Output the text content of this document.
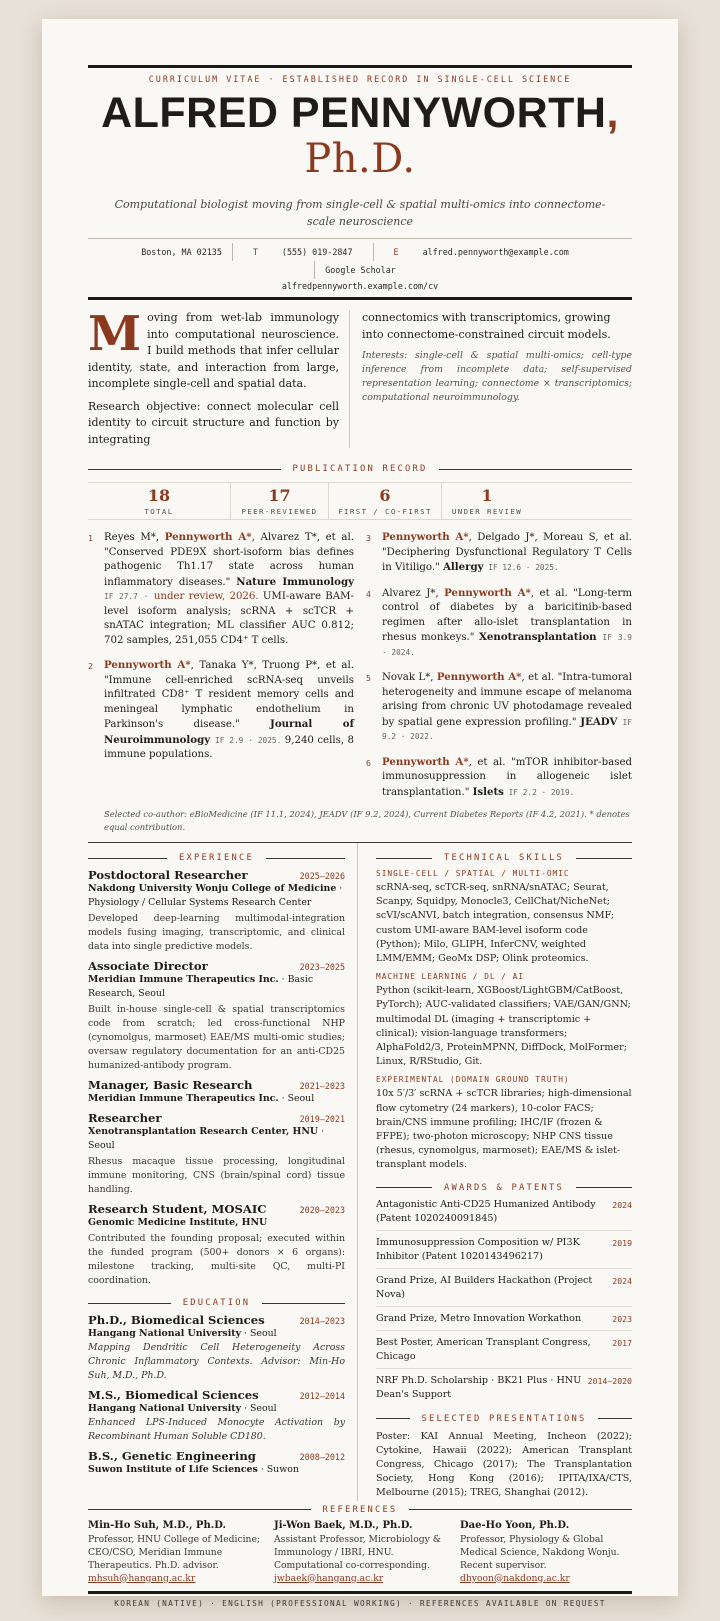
CURRICULUM VITAE · ESTABLISHED RECORD IN SINGLE-CELL SCIENCE
ALFRED PENNYWORTH,
Ph.D.

Computational biologist moving from single-cell & spatial multi-omics into connectome-scale neuroscience

Boston, MA 02135	T	(555) 019-2847	E	alfred.pennyworth@example.com
Google Scholar
alfredpennyworth.example.com/cv

Moving from wet-lab immunology into computational neuroscience. I build methods that infer cellular identity, state, and interaction from large, incomplete single-cell and spatial data.

Research objective: connect molecular cell identity to circuit structure and function by integrating

connectomics with transcriptomics, growing into connectome-constrained circuit models.

Interests: single-cell & spatial multi-omics; cell-type inference from incomplete data; self-supervised representation learning; connectome × transcriptomics; computational neuroimmunology.

PUBLICATION RECORD
18
TOTAL
17
PEER-REVIEWED
6
FIRST / CO-FIRST
1
UNDER REVIEW
1	Reyes M*, Pennyworth A*, Alvarez T*, et al. "Conserved PDE9X short-isoform bias defines pathogenic Th1.17 state across human inflammatory diseases." Nature Immunology IF 27.7 · under review, 2026. UMI-aware BAM-level isoform analysis; scRNA + scTCR + snATAC integration; ML classifier AUC 0.812; 702 samples, 251,055 CD4⁺ T cells.
2	Pennyworth A*, Tanaka Y*, Truong P*, et al. "Immune cell-enriched scRNA-seq unveils infiltrated CD8⁺ T resident memory cells and meningeal lymphatic endothelium in Parkinson's disease." Journal of Neuroimmunology IF 2.9 · 2025. 9,240 cells, 8 immune populations.
3	Pennyworth A*, Delgado J*, Moreau S, et al. "Deciphering Dysfunctional Regulatory T Cells in Vitiligo." Allergy IF 12.6 · 2025.
4	Alvarez J*, Pennyworth A*, et al. "Long-term control of diabetes by a baricitinib-based regimen after allo-islet transplantation in rhesus monkeys." Xenotransplantation IF 3.9 · 2024.
5	Novak L*, Pennyworth A*, et al. "Intra-tumoral heterogeneity and immune escape of melanoma arising from chronic UV photodamage revealed by spatial gene expression profiling." JEADV IF 9.2 · 2022.
6	Pennyworth A*, et al. "mTOR inhibitor-based immunosuppression in allogeneic islet transplantation." Islets IF 2.2 · 2019.

Selected co-author: eBioMedicine (IF 11.1, 2024), JEADV (IF 9.2, 2024), Current Diabetes Reports (IF 4.2, 2021). * denotes equal contribution.

EXPERIENCE
Postdoctoral Researcher	2025–2026
Nakdong University Wonju College of Medicine · Physiology / Cellular Systems Research Center
Developed deep-learning multimodal-integration models fusing imaging, transcriptomic, and clinical data into single predictive models.
Associate Director	2023–2025
Meridian Immune Therapeutics Inc. · Basic Research, Seoul
Built in-house single-cell & spatial transcriptomics code from scratch; led cross-functional NHP (cynomolgus, marmoset) EAE/MS multi-omic studies; oversaw regulatory documentation for an anti-CD25 humanized-antibody program.
Manager, Basic Research	2021–2023
Meridian Immune Therapeutics Inc. · Seoul
Researcher	2019–2021
Xenotransplantation Research Center, HNU · Seoul
Rhesus macaque tissue processing, longitudinal immune monitoring, CNS (brain/spinal cord) tissue handling.
Research Student, MOSAIC	2020–2023
Genomic Medicine Institute, HNU
Contributed the founding proposal; executed within the funded program (500+ donors × 6 organs): milestone tracking, multi-site QC, multi-PI coordination.
EDUCATION
Ph.D., Biomedical Sciences	2014–2023
Hangang National University · Seoul
Mapping Dendritic Cell Heterogeneity Across Chronic Inflammatory Contexts. Advisor: Min-Ho Suh, M.D., Ph.D.
M.S., Biomedical Sciences	2012–2014
Hangang National University · Seoul
Enhanced LPS-Induced Monocyte Activation by Recombinant Human Soluble CD180.
B.S., Genetic Engineering	2008–2012
Suwon Institute of Life Sciences · Suwon
TECHNICAL SKILLS
SINGLE-CELL / SPATIAL / MULTI-OMIC
scRNA-seq, scTCR-seq, snRNA/snATAC; Seurat, Scanpy, Squidpy, Monocle3, CellChat/NicheNet; scVI/scANVI, batch integration, consensus NMF; custom UMI-aware BAM-level isoform code (Python); Milo, GLIPH, InferCNV, weighted LMM/EMM; GeoMx DSP; Olink proteomics.
MACHINE LEARNING / DL / AI
Python (scikit-learn, XGBoost/LightGBM/CatBoost, PyTorch); AUC-validated classifiers; VAE/GAN/GNN; multimodal DL (imaging + transcriptomic + clinical); vision-language transformers; AlphaFold2/3, ProteinMPNN, DiffDock, MolFormer; Linux, R/RStudio, Git.
EXPERIMENTAL (DOMAIN GROUND TRUTH)
10x 5′/3′ scRNA + scTCR libraries; high-dimensional flow cytometry (24 markers), 10-color FACS; brain/CNS immune profiling; IHC/IF (frozen & FFPE); two-photon microscopy; NHP CNS tissue (rhesus, cynomolgus, marmoset); EAE/MS & islet-transplant models.
AWARDS & PATENTS
Antagonistic Anti-CD25 Humanized Antibody (Patent 1020240091845)
2024
Immunosuppression Composition w/ PI3K Inhibitor (Patent 1020143496217)
2019
Grand Prize, AI Builders Hackathon (Project Nova)
2024
Grand Prize, Metro Innovation Workathon	2023
Best Poster, American Transplant Congress, Chicago
2017
NRF Ph.D. Scholarship · BK21 Plus · HNU Dean's Support
2014–2020
SELECTED PRESENTATIONS

Poster: KAI Annual Meeting, Incheon (2022); Cytokine, Hawaii (2022); American Transplant Congress, Chicago (2017); The Transplantation Society, Hong Kong (2016); IPITA/IXA/CTS, Melbourne (2015); TREG, Shanghai (2012).

REFERENCES
Min-Ho Suh, M.D., Ph.D.
Professor, HNU College of Medicine; CEO/CSO, Meridian Immune Therapeutics. Ph.D. advisor.
mhsuh@hangang.ac.kr
Ji-Won Baek, M.D., Ph.D.
Assistant Professor, Microbiology & Immunology / IBRI, HNU. Computational co-corresponding.
jwbaek@hangang.ac.kr
Dae-Ho Yoon, Ph.D.
Professor, Physiology & Global Medical Science, Nakdong Wonju. Recent supervisor.
dhyoon@nakdong.ac.kr
KOREAN (NATIVE) · ENGLISH (PROFESSIONAL WORKING) · REFERENCES AVAILABLE ON REQUEST
